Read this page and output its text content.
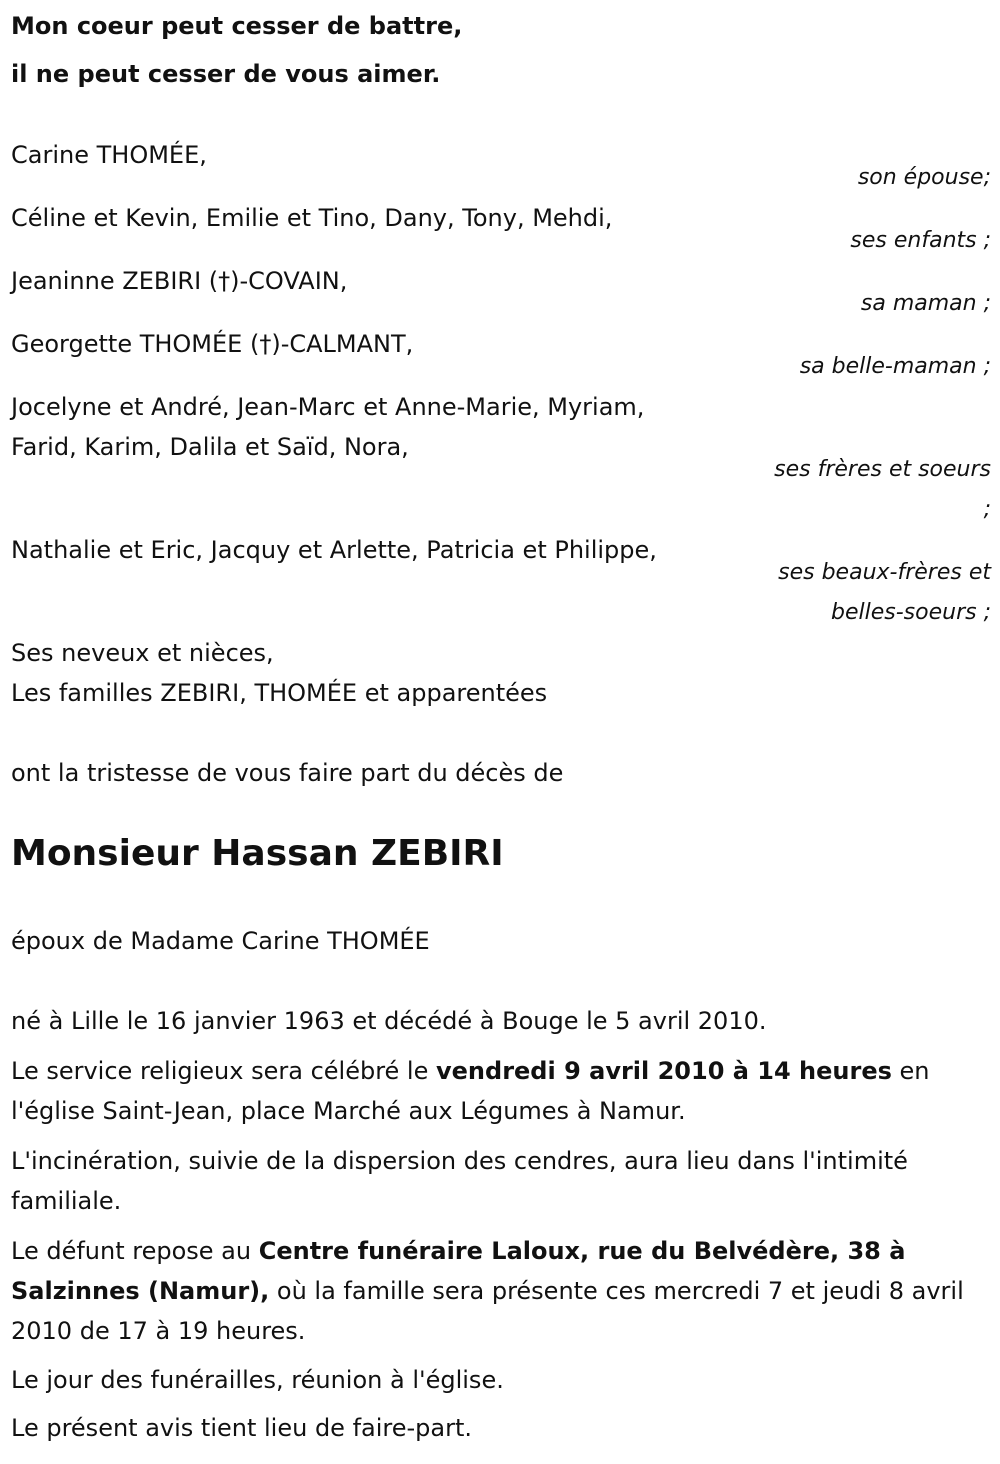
Mon coeur peut cesser de battre,
il ne peut cesser de vous aimer.
Carine THOMÉE,
son épouse;
Céline et Kevin, Emilie et Tino, Dany, Tony, Mehdi,
ses enfants ;
Jeaninne ZEBIRI (†)-COVAIN,
sa maman ;
Georgette THOMÉE (†)-CALMANT,
sa belle-maman ;
Jocelyne et André, Jean-Marc et Anne-Marie, Myriam,
Farid, Karim, Dalila et Saïd, Nora,
ses frères et soeurs
;
Nathalie et Eric, Jacquy et Arlette, Patricia et Philippe,
ses beaux-frères et
belles-soeurs ;
Ses neveux et nièces,
Les familles ZEBIRI, THOMÉE et apparentées
ont la tristesse de vous faire part du décès de
Monsieur Hassan ZEBIRI
époux de Madame Carine THOMÉE
né à Lille le 16 janvier 1963 et décédé à Bouge le 5 avril 2010.
Le service religieux sera célébré le vendredi 9 avril 2010 à 14 heures en l'église Saint-Jean, place Marché aux Légumes à Namur.
L'incinération, suivie de la dispersion des cendres, aura lieu dans l'intimité familiale.
Le défunt repose au Centre funéraire Laloux, rue du Belvédère, 38 à Salzinnes (Namur), où la famille sera présente ces mercredi 7 et jeudi 8 avril 2010 de 17 à 19 heures.
Le jour des funérailles, réunion à l'église.
Le présent avis tient lieu de faire-part.
